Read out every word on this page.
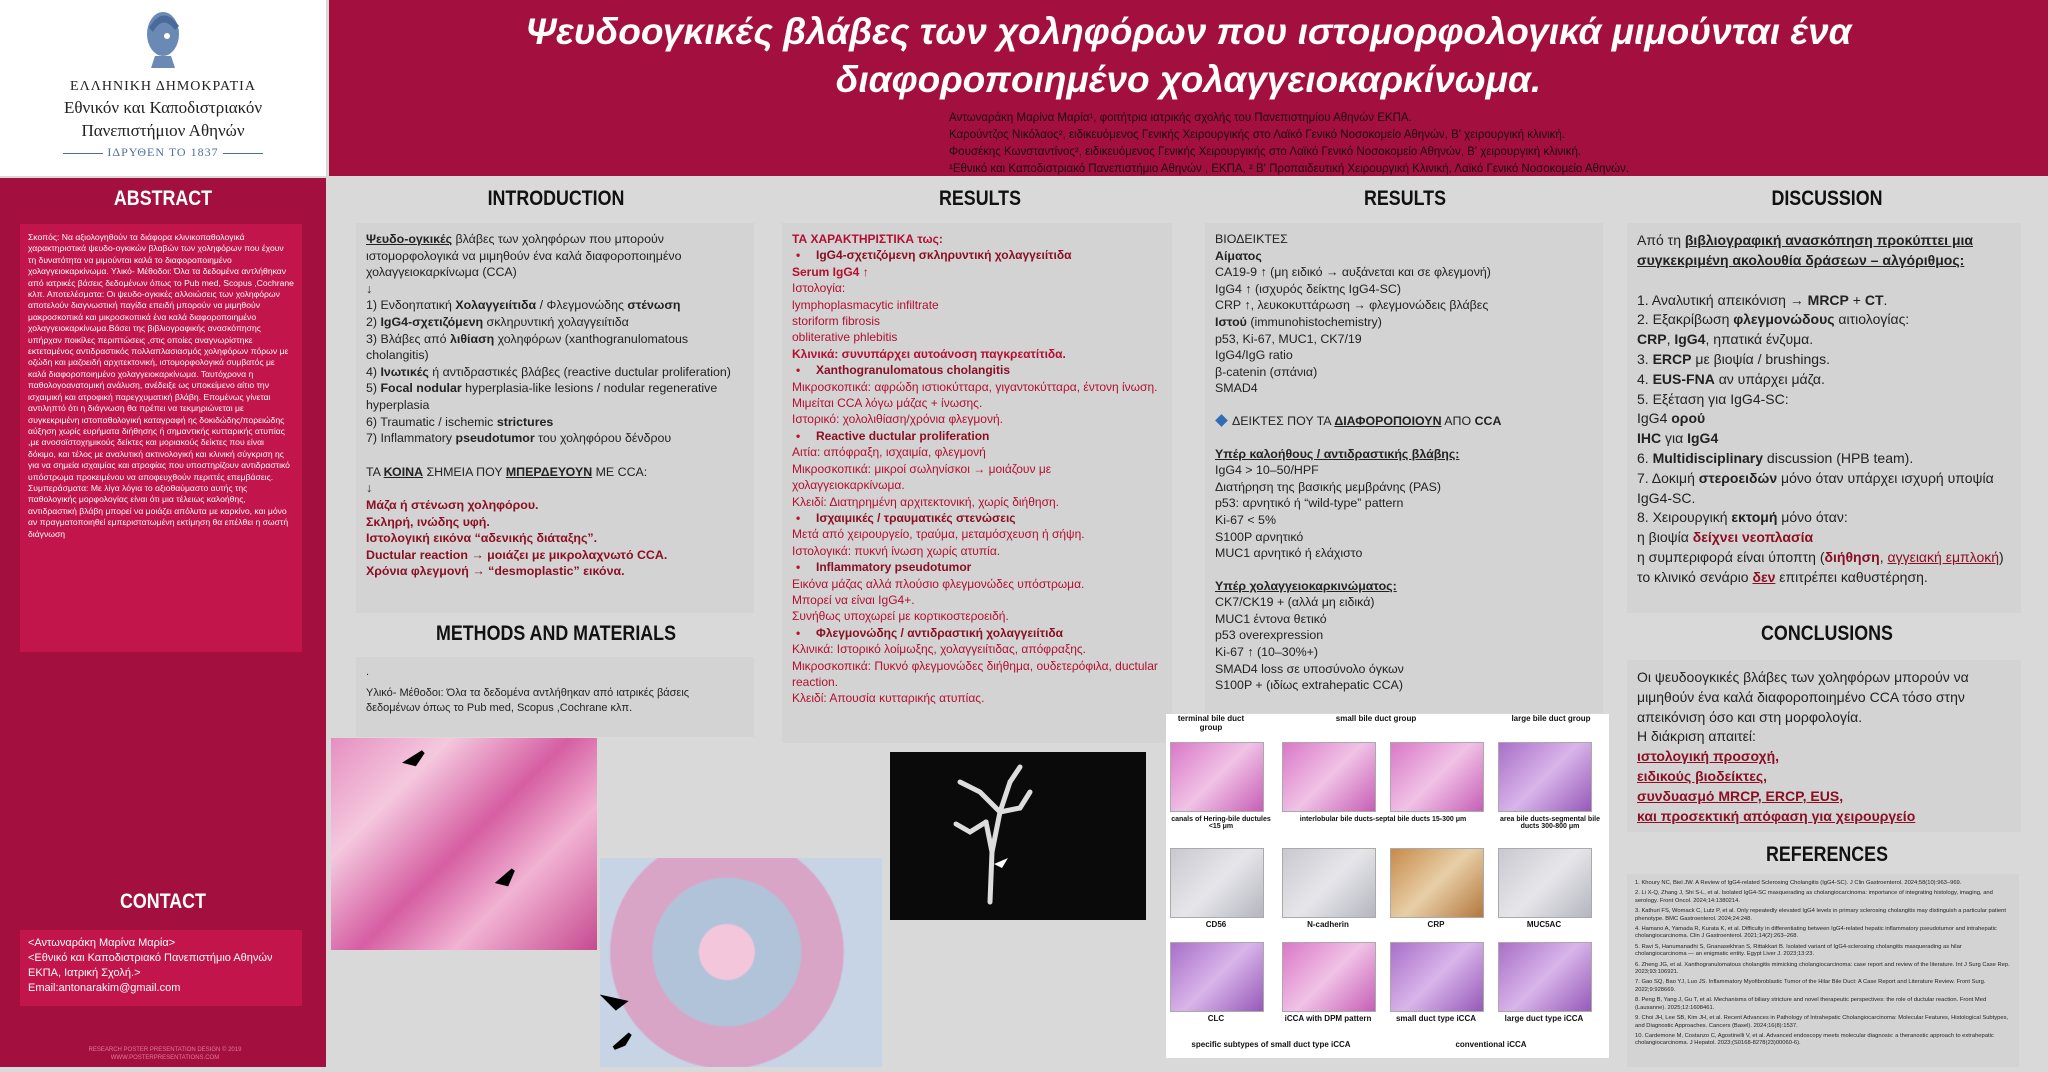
ΕΛΛΗΝΙΚΗ ΔΗΜΟΚΡΑΤΙΑ
Εθνικόν και Καποδιστριακόν
Πανεπιστήμιον Αθηνών
ΙΔΡΥΘΕΝ ΤΟ 1837
Ψευδοογκικές βλάβες των χοληφόρων που ιστομορφολογικά μιμούνται ένα
διαφοροποιημένο χολαγγειοκαρκίνωμα.
Αντωναράκη Μαρίνα Μαρία¹, φοιτήτρια ιατρικής σχολής του Πανεπιστημίου Αθηνών ΕΚΠΑ.
Καρούντζος Νικόλαος², ειδικευόμενος Γενικής Χειρουργικής στο Λαϊκό Γενικό Νοσοκομείο Αθηνών, Β' χειρουργική κλινική.
Φουσέκης Κωνσταντίνος², ειδικευόμενος Γενικής Χειρουργικής στο Λαϊκό Γενικό Νοσοκομείο Αθηνών, Β' χειρουργική κλινική.
¹Εθνικό και Καποδιστριακό Πανεπιστήμιο Αθηνών , ΕΚΠΑ, ² Β' Προπαιδευτική Χειρουργική Κλινική, Λαϊκό Γενικό Νοσοκομείο Αθηνών.
ABSTRACT
Σκοπός: Να αξιολογηθούν τα διάφορα κλινικοπαθολογικά χαρακτηριστικά ψευδο-ογκικών βλαβών των χοληφόρων που έχουν τη δυνατότητα να μιμούνται καλά το διαφοροποιημένο χολαγγειοκαρκίνωμα. Υλικό- Μέθοδοι: Όλα τα δεδομένα αντλήθηκαν από ιατρικές βάσεις δεδομένων όπως το Pub med, Scopus ,Cochrane κλπ. Αποτελέσματα: Οι ψευδο-ογκικές αλλοιώσεις των χοληφόρων αποτελούν διαγνωστική παγίδα επειδή μπορούν να μιμηθούν μακροσκοπικά και μικροσκοπικά ένα καλά διαφοροποιημένο χολαγγειοκαρκίνωμα.Βάσει της βιβλιογραφικής ανασκόπησης υπήρχαν ποικίλες περιπτώσεις ,στις οποίες αναγνωρίστηκε εκτεταμένος αντιδραστικός πολλαπλασιασμός χοληφόρων πόρων με οζώδη και μαζοειδή αρχιτεκτονική, ιστομορφολογικά συμβατός με καλά διαφοροποιημένο χολαγγειοκαρκίνωμα. Ταυτόχρονα η παθολογοανατομική ανάλυση, ανέδειξε ως υποκείμενο αίτιο την ισχαιμική και ατροφική παρεγχυματική βλάβη. Επομένως γίνεται αντιληπτό ότι η διάγνωση θα πρέπει να τεκμηριώνεται με συγκεκριμένη ιστοπαθολογική καταγραφή ης δοκιδώδης/πορειώδης αύξηση χωρίς ευρήματα διήθησης ή σημαντικής κυτταρικής ατυπίας ,με ανοσοϊστοχημικούς δείκτες και μοριακούς δείκτες που είναι δόκιμο, και τέλος με αναλυτική ακτινολογική και κλινική σύγκριση ης για να σημεία ισχαιμίας και ατροφίας που υποστηρίζουν αντιδραστικό υπόστρωμα προκειμένου να αποφευχθούν περιττές επεμβάσεις. Συμπεράσματα: Με λίγα λόγια το αξιοθαύμαστο αυτής της παθολογικής μορφολογίας είναι ότι μια τέλειως καλοήθης, αντιδραστική βλάβη μπορεί να μοιάζει απόλυτα με καρκίνο, και μόνο αν πραγματοποιηθεί εμπεριστατωμένη εκτίμηση θα επέλθει η σωστή διάγνωση
CONTACT
<Αντωναράκη Μαρίνα Μαρία>
<Εθνικό και Καποδιστριακό Πανεπιστήμιο Αθηνών ΕΚΠΑ, Ιατρική Σχολή.>
Email:antonarakim@gmail.com
RESEARCH POSTER PRESENTATION DESIGN © 2019 WWW.POSTERPRESENTATIONS.COM
INTRODUCTION

Ψευδο-ογκικές βλάβες των χοληφόρων που μπορούν ιστομορφολογικά να μιμηθούν ένα καλά διαφοροποιημένο χολαγγειοκαρκίνωμα (CCA)

↓

1) Ενδοηπατική Χολαγγειίτιδα / Φλεγμονώδης στένωση

2) IgG4-σχετιζόμενη σκληρυντική χολαγγειίτιδα

3) Βλάβες από λιθίαση χοληφόρων (xanthogranulomatous cholangitis)

4) Ινωτικές ή αντιδραστικές βλάβες (reactive ductular proliferation)

5) Focal nodular hyperplasia-like lesions / nodular regenerative hyperplasia

6) Traumatic / ischemic strictures

7) Inflammatory pseudotumor του χοληφόρου δένδρου

ΤΑ ΚΟΙΝΑ ΣΗΜΕΙΑ ΠΟΥ ΜΠΕΡΔΕΥΟΥΝ ΜΕ CCA:

↓

Μάζα ή στένωση χοληφόρου.

Σκληρή, ινώδης υφή.

Ιστολογική εικόνα “αδενικής διάταξης”.

Ductular reaction → μοιάζει με μικρολαχνωτό CCA.

Χρόνια φλεγμονή → “desmoplastic” εικόνα.

METHODS AND MATERIALS

.

Υλικό- Μέθοδοι: Όλα τα δεδομένα αντλήθηκαν από ιατρικές βάσεις δεδομένων όπως το Pub med, Scopus ,Cochrane κλπ.

RESULTS

ΤΑ ΧΑΡΑΚΤΗΡΙΣΤΙΚΑ τως:

• IgG4-σχετιζόμενη σκληρυντική χολαγγειίτιδα

Serum IgG4 ↑

Ιστολογία:

lymphoplasmacytic infiltrate

storiform fibrosis

obliterative phlebitis

Κλινικά: συνυπάρχει αυτοάνοση παγκρεατίτιδα.

• Xanthogranulomatous cholangitis

Μικροσκοπικά: αφρώδη ιστιοκύτταρα, γιγαντοκύτταρα, έντονη ίνωση.

Μιμείται CCA λόγω μάζας + ίνωσης.

Ιστορικό: χολολιθίαση/χρόνια φλεγμονή.

• Reactive ductular proliferation

Αιτία: απόφραξη, ισχαιμία, φλεγμονή

Μικροσκοπικά: μικροί σωληνίσκοι → μοιάζουν με χολαγγειοκαρκίνωμα.

Κλειδί: Διατηρημένη αρχιτεκτονική, χωρίς διήθηση.

• Ισχαιμικές / τραυματικές στενώσεις

Μετά από χειρουργείο, τραύμα, μεταμόσχευση ή σήψη.

Ιστολογικά: πυκνή ίνωση χωρίς ατυπία.

• Inflammatory pseudotumor

Εικόνα μάζας αλλά πλούσιο φλεγμονώδες υπόστρωμα.

Μπορεί να είναι IgG4+.

Συνήθως υποχωρεί με κορτικοστεροειδή.

• Φλεγμονώδης / αντιδραστική χολαγγειίτιδα

Κλινικά: Ιστορικό λοίμωξης, χολαγγειίτιδας, απόφραξης.

Μικροσκοπικά: Πυκνό φλεγμονώδες διήθημα, ουδετερόφιλα, ductular reaction.

Κλειδί: Απουσία κυτταρικής ατυπίας.

RESULTS

ΒΙΟΔΕΙΚΤΕΣ

Αίματος

CA19-9 ↑ (μη ειδικό → αυξάνεται και σε φλεγμονή)

IgG4 ↑ (ισχυρός δείκτης IgG4-SC)

CRP ↑, λευκοκυττάρωση → φλεγμονώδεις βλάβες

Ιστού (immunohistochemistry)

p53, Ki-67, MUC1, CK7/19

IgG4/IgG ratio

β-catenin (σπάνια)

SMAD4

ΔΕΙΚΤΕΣ ΠΟΥ ΤΑ ΔΙΑΦΟΡΟΠΟΙΟΥΝ ΑΠΟ CCA

Υπέρ καλοήθους / αντιδραστικής βλάβης:

IgG4 > 10–50/HPF

Διατήρηση της βασικής μεμβράνης (PAS)

p53: αρνητικό ή “wild-type” pattern

Ki-67 < 5%

S100P αρνητικό

MUC1 αρνητικό ή ελάχιστο

Υπέρ χολαγγειοκαρκινώματος:

CK7/CK19 + (αλλά μη ειδικά)

MUC1 έντονα θετικό

p53 overexpression

Ki-67 ↑ (10–30%+)

SMAD4 loss σε υποσύνολο όγκων

S100P + (ιδίως extrahepatic CCA)

terminal bile duct group
small bile duct group	large bile duct group
canals of Hering-bile ductules <15 μm
interlobular bile ducts-septal bile ducts 15-300 μm	area bile ducts-segmental bile ducts 300-800 μm
CD56	N-cadherin	CRP	MUC5AC
CLC	iCCA with DPM pattern	small duct type iCCA	large duct type iCCA
specific subtypes of small duct type iCCA	conventional iCCA
DISCUSSION

Από τη βιβλιογραφική ανασκόπηση προκύπτει μια συγκεκριμένη ακολουθία δράσεων – αλγόριθμος:

1. Αναλυτική απεικόνιση → MRCP + CT.

2. Εξακρίβωση φλεγμονώδους αιτιολογίας:

CRP, IgG4, ηπατικά ένζυμα.

3. ERCP με βιοψία / brushings.

4. EUS-FNA αν υπάρχει μάζα.

5. Εξέταση για IgG4-SC:

IgG4 ορού

IHC για IgG4

6. Multidisciplinary discussion (HPB team).

7. Δοκιμή στεροειδών μόνο όταν υπάρχει ισχυρή υποψία IgG4-SC.

8. Χειρουργική εκτομή μόνο όταν:

η βιοψία δείχνει νεοπλασία

η συμπεριφορά είναι ύποπτη (διήθηση, αγγειακή εμπλοκή)

το κλινικό σενάριο δεν επιτρέπει καθυστέρηση.

CONCLUSIONS

Οι ψευδοογκικές βλάβες των χοληφόρων μπορούν να μιμηθούν ένα καλά διαφοροποιημένο CCA τόσο στην απεικόνιση όσο και στη μορφολογία.

Η διάκριση απαιτεί:

ιστολογική προσοχή,

ειδικούς βιοδείκτες,

συνδυασμό MRCP, ERCP, EUS,

και προσεκτική απόφαση για χειρουργείο

REFERENCES

1. Khoury NC, Biel JW. A Review of IgG4-related Sclerosing Cholangitis (IgG4-SC). J Clin Gastroenterol. 2024;58(10):963–969.

2. Li X-Q, Zhang J, Shi S-L, et al. Isolated IgG4-SC masquerading as cholangiocarcinoma: importance of integrating histology, imaging, and serology. Front Oncol. 2024;14:1380214.

3. Kathuri FS, Womack C, Lutz P, et al. Only repeatedly elevated IgG4 levels in primary sclerosing cholangitis may distinguish a particular patient phenotype. BMC Gastroenterol. 2024;24:248.

4. Hamano A, Yamada R, Kurata K, et al. Difficulty in differentiating between IgG4-related hepatic inflammatory pseudotumor and intrahepatic cholangiocarcinoma. Clin J Gastroenterol. 2021;14(2):263–268.

5. Ravi S, Hanumanadhi S, Gnanasekhran S, Rittakkari B. Isolated variant of IgG4-sclerosing cholangitis masquerading as hilar cholangiocarcinoma — an enigmatic entity. Egypt Liver J. 2023;13:23.

6. Zheng JG, et al. Xanthogranulomatous cholangitis mimicking cholangiocarcinoma: case report and review of the literature. Int J Surg Case Rep. 2023;93:106921.

7. Gao SQ, Bao YJ, Luo JS. Inflammatory Myofibroblastic Tumor of the Hilar Bile Duct: A Case Report and Literature Review. Front Surg. 2022;9:928669.

8. Peng B, Yang J, Gu T, et al. Mechanisms of biliary stricture and novel therapeutic perspectives: the role of ductular reaction. Front Med (Lausanne). 2025;12:1608461.

9. Choi JH, Lee SB, Kim JH, et al. Recent Advances in Pathology of Intrahepatic Cholangiocarcinoma: Molecular Features, Histological Subtypes, and Diagnostic Approaches. Cancers (Basel). 2024;16(8):1537.

10. Cardemone M, Costanzo C, Agostinelli V, et al. Advanced endoscopy meets molecular diagnosis: a theranostic approach to extrahepatic cholangiocarcinoma. J Hepatol. 2023;(S0168-8278(23)00060-6).
